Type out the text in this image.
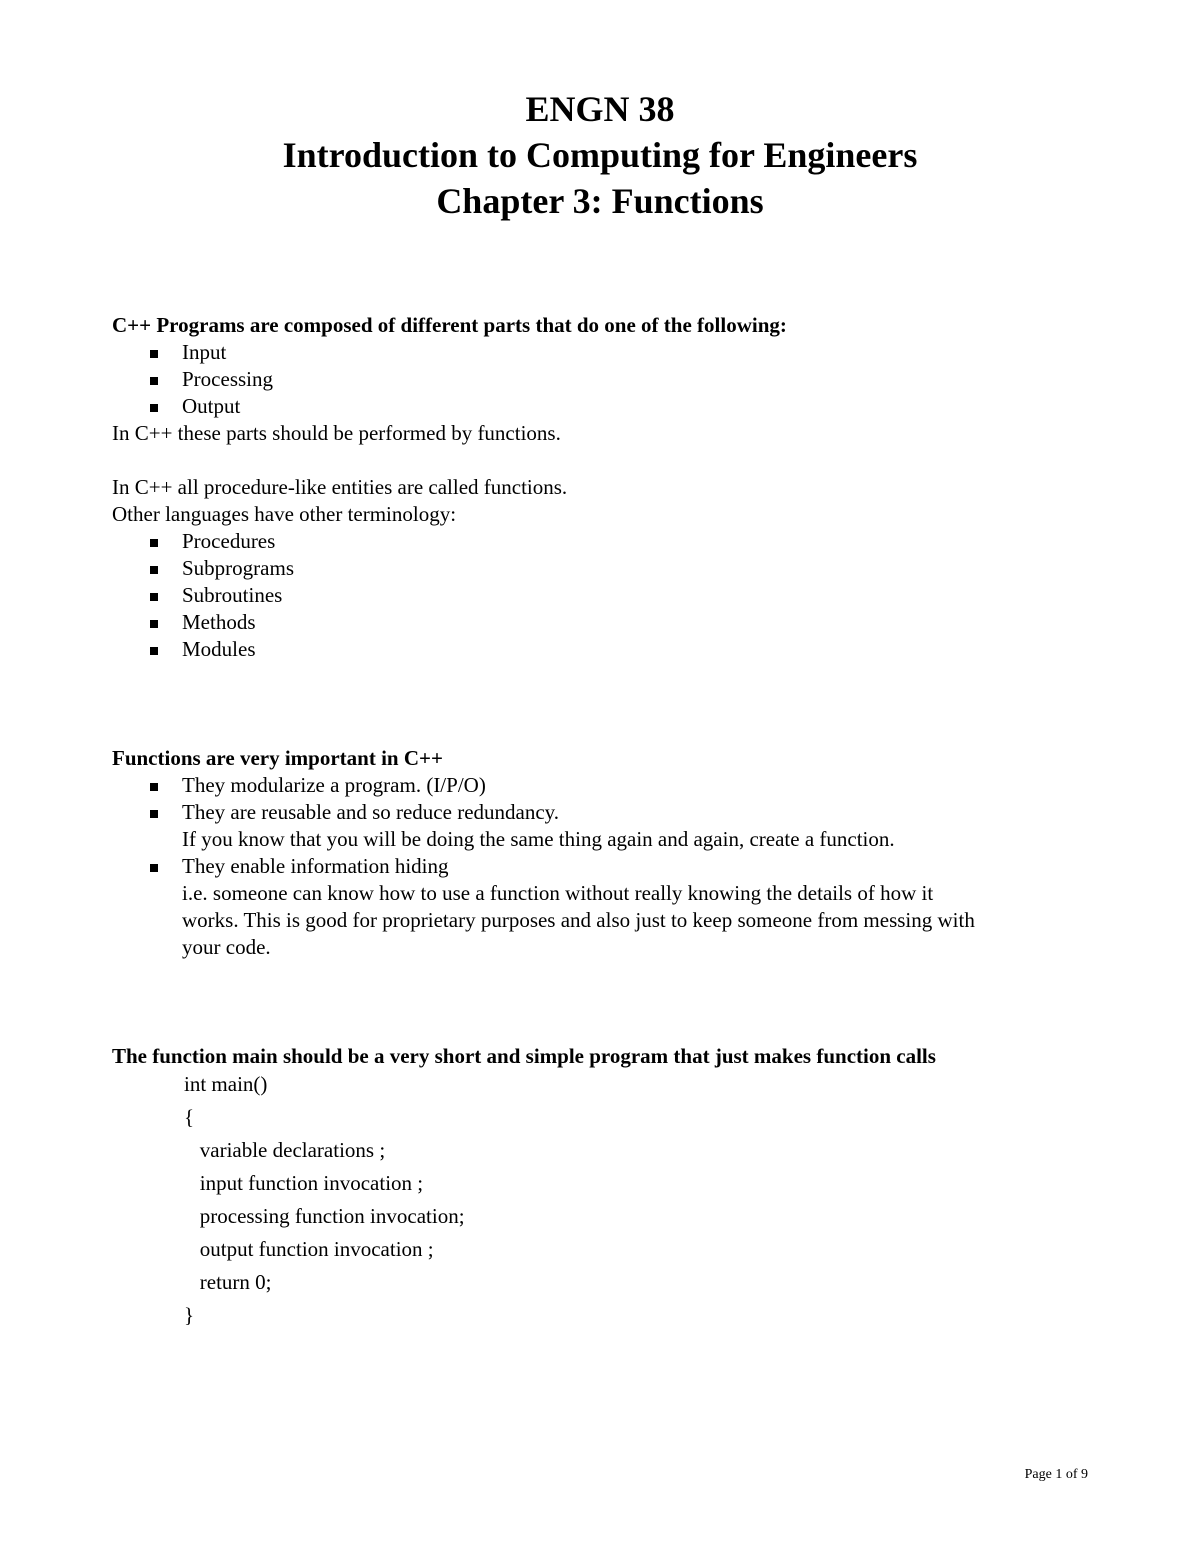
ENGN 38
Introduction to Computing for Engineers
Chapter 3: Functions
C++ Programs are composed of different parts that do one of the following:
Input
Processing
Output
In C++ these parts should be performed by functions.
In C++ all procedure-like entities are called functions.
Other languages have other terminology:
Procedures
Subprograms
Subroutines
Methods
Modules
Functions are very important in C++
They modularize a program. (I/P/O)
They are reusable and so reduce redundancy.
If you know that you will be doing the same thing again and again, create a function.
They enable information hiding
i.e. someone can know how to use a function without really knowing the details of how it
works. This is good for proprietary purposes and also just to keep someone from messing with
your code.
The function main should be a very short and simple program that just makes function calls
int main()
{
variable declarations ;
input function invocation ;
processing function invocation;
output function invocation ;
return 0;
}
Page 1 of 9
